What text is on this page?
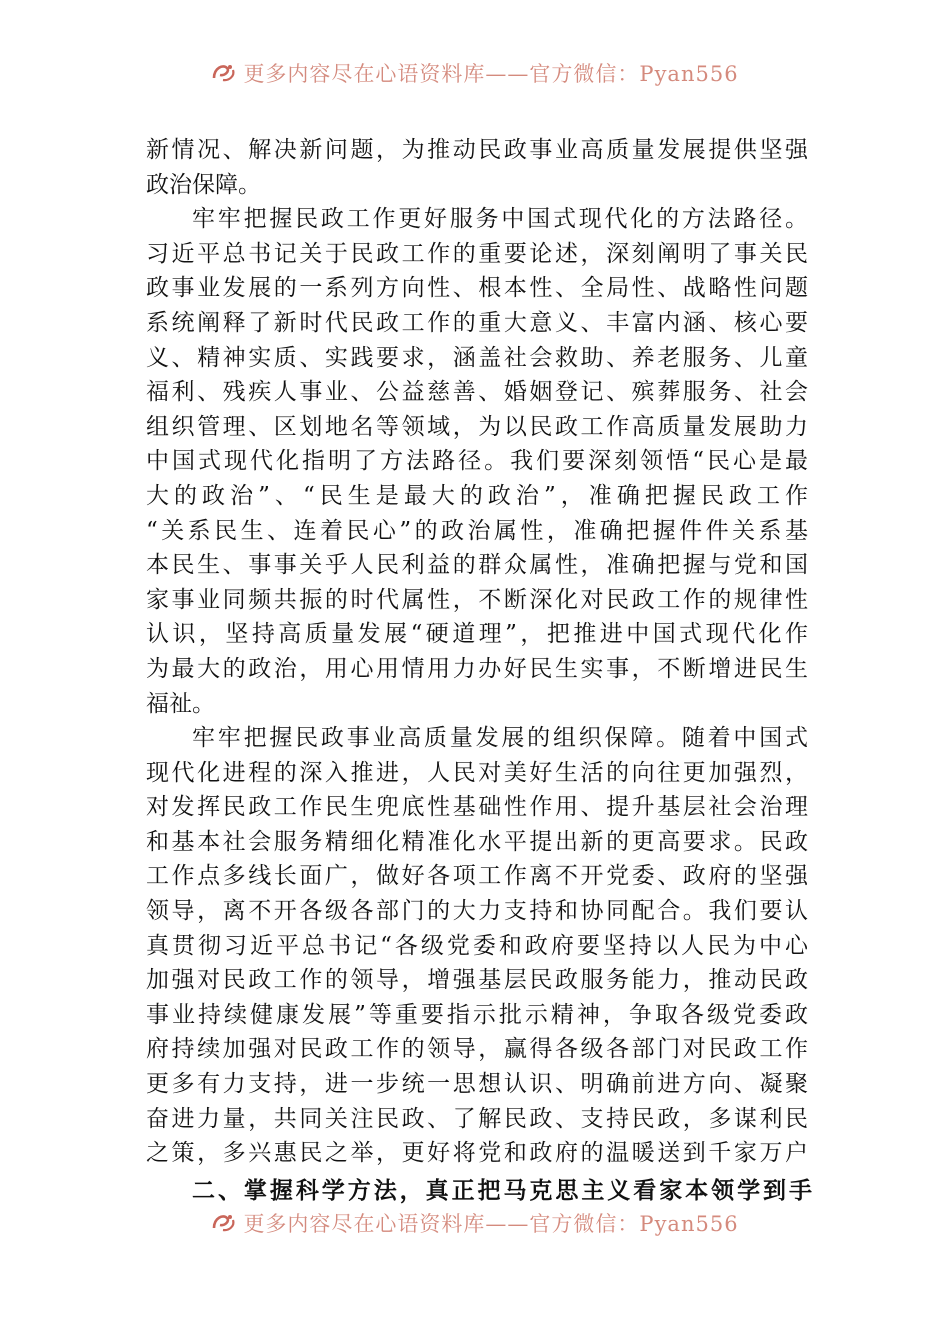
更多内容尽在心语资料库——官方微信：Pyan556
新情况、解决新问题，为推动民政事业高质量发展提供坚强
政治保障。
牢牢把握民政工作更好服务中国式现代化的方法路径。
习近平总书记关于民政工作的重要论述，深刻阐明了事关民
政事业发展的一系列方向性、根本性、全局性、战略性问题
系统阐释了新时代民政工作的重大意义、丰富内涵、核心要
义、精神实质、实践要求，涵盖社会救助、养老服务、儿童
福利、残疾人事业、公益慈善、婚姻登记、殡葬服务、社会
组织管理、区划地名等领域，为以民政工作高质量发展助力
中国式现代化指明了方法路径。我们要深刻领悟“民心是最
大的政治”、“民生是最大的政治”，准确把握民政工作
“关系民生、连着民心”的政治属性，准确把握件件关系基
本民生、事事关乎人民利益的群众属性，准确把握与党和国
家事业同频共振的时代属性，不断深化对民政工作的规律性
认识，坚持高质量发展“硬道理”，把推进中国式现代化作
为最大的政治，用心用情用力办好民生实事，不断增进民生
福祉。
牢牢把握民政事业高质量发展的组织保障。随着中国式
现代化进程的深入推进，人民对美好生活的向往更加强烈，
对发挥民政工作民生兜底性基础性作用、提升基层社会治理
和基本社会服务精细化精准化水平提出新的更高要求。民政
工作点多线长面广，做好各项工作离不开党委、政府的坚强
领导，离不开各级各部门的大力支持和协同配合。我们要认
真贯彻习近平总书记“各级党委和政府要坚持以人民为中心
加强对民政工作的领导，增强基层民政服务能力，推动民政
事业持续健康发展”等重要指示批示精神，争取各级党委政
府持续加强对民政工作的领导，赢得各级各部门对民政工作
更多有力支持，进一步统一思想认识、明确前进方向、凝聚
奋进力量，共同关注民政、了解民政、支持民政，多谋利民
之策，多兴惠民之举，更好将党和政府的温暖送到千家万户
二、掌握科学方法，真正把马克思主义看家本领学到手
更多内容尽在心语资料库——官方微信：Pyan556
